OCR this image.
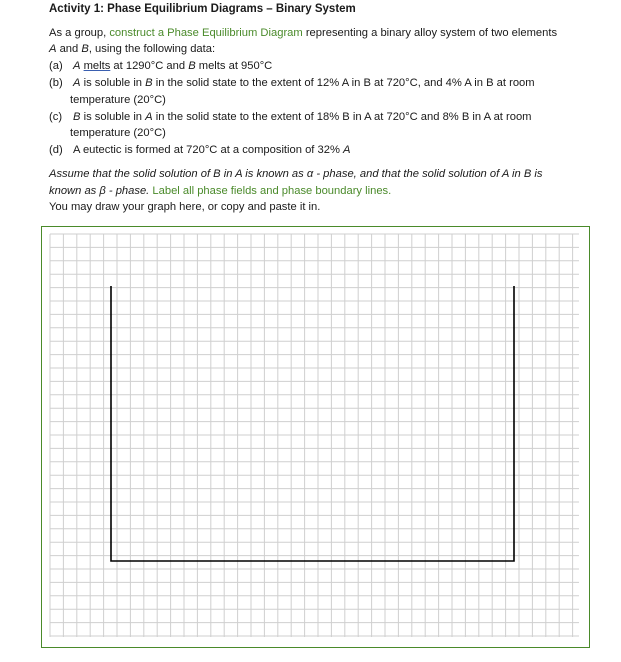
Activity 1: Phase Equilibrium Diagrams – Binary System
As a group, construct a Phase Equilibrium Diagram representing a binary alloy system of two elements
A and B, using the following data:
(a) A melts at 1290°C and B melts at 950°C
(b) A is soluble in B in the solid state to the extent of 12% A in B at 720°C, and 4% A in B at room
temperature (20°C)
(c) B is soluble in A in the solid state to the extent of 18% B in A at 720°C and 8% B in A at room
temperature (20°C)
(d) A eutectic is formed at 720°C at a composition of 32% A
Assume that the solid solution of B in A is known as α - phase, and that the solid solution of A in B is
known as β - phase. Label all phase fields and phase boundary lines.
You may draw your graph here, or copy and paste it in.
